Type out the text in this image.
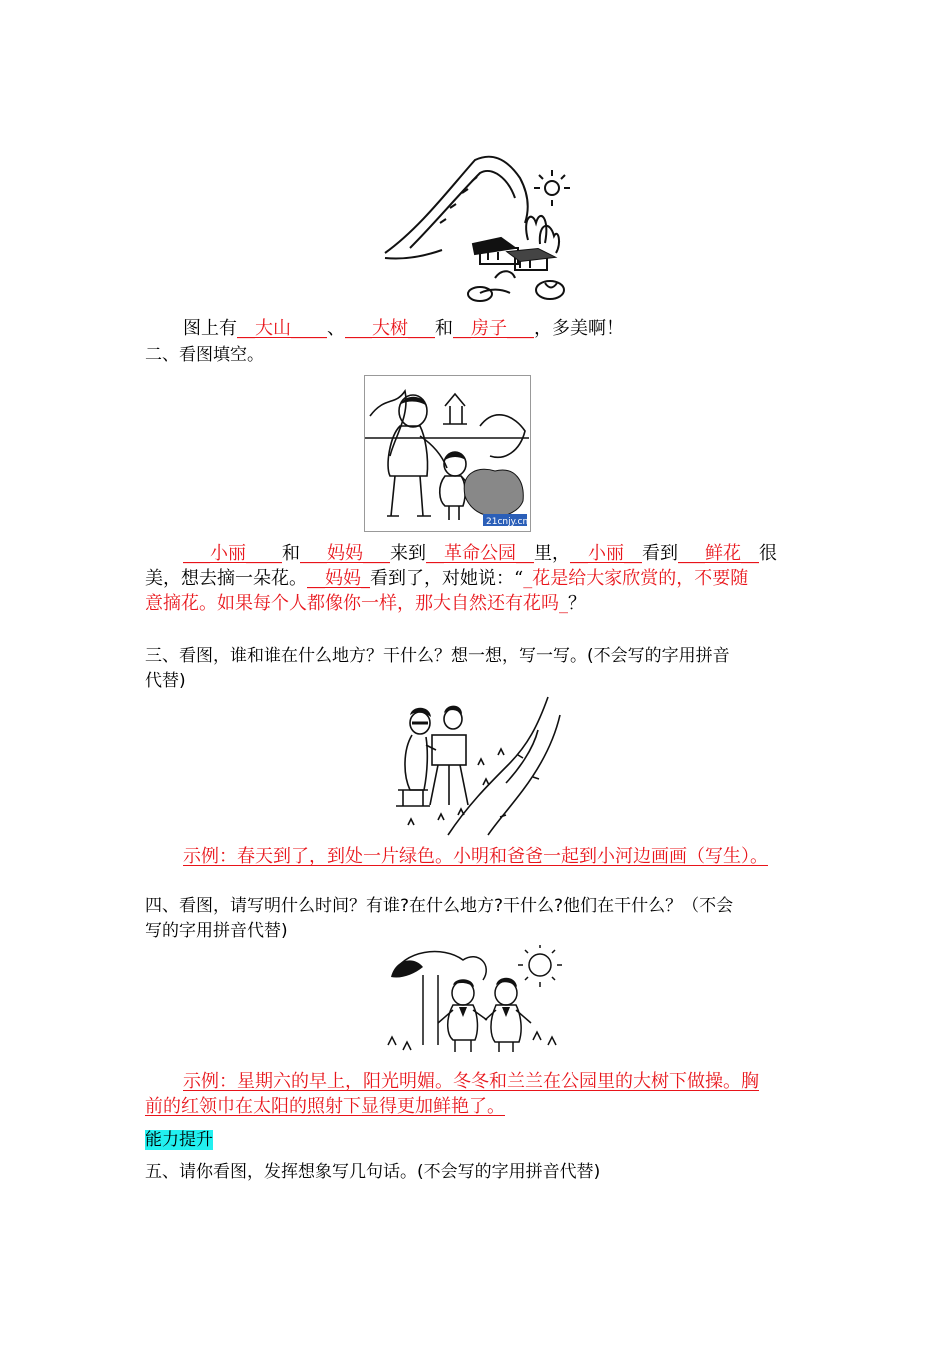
图上有__大山____、___大树___和__房子___，多美啊！
二、看图填空。
21cnjy.cn
___小丽____和___妈妈___来到__革命公园__里，__小丽__看到___鲜花__很
美，想去摘一朵花。__妈妈_看到了，对她说：“_花是给大家欣赏的，不要随
意摘花。如果每个人都像你一样，那大自然还有花吗_？
三、看图，谁和谁在什么地方？干什么？想一想，写一写。(不会写的字用拼音
代替)
示例：春天到了，到处一片绿色。小明和爸爸一起到小河边画画（写生）。
四、看图，请写明什么时间？有谁?在什么地方?干什么?他们在干什么？（不会
写的字用拼音代替)
示例：星期六的早上，阳光明媚。冬冬和兰兰在公园里的大树下做操。胸
前的红领巾在太阳的照射下显得更加鲜艳了。
能力提升
五、请你看图，发挥想象写几句话。(不会写的字用拼音代替)
